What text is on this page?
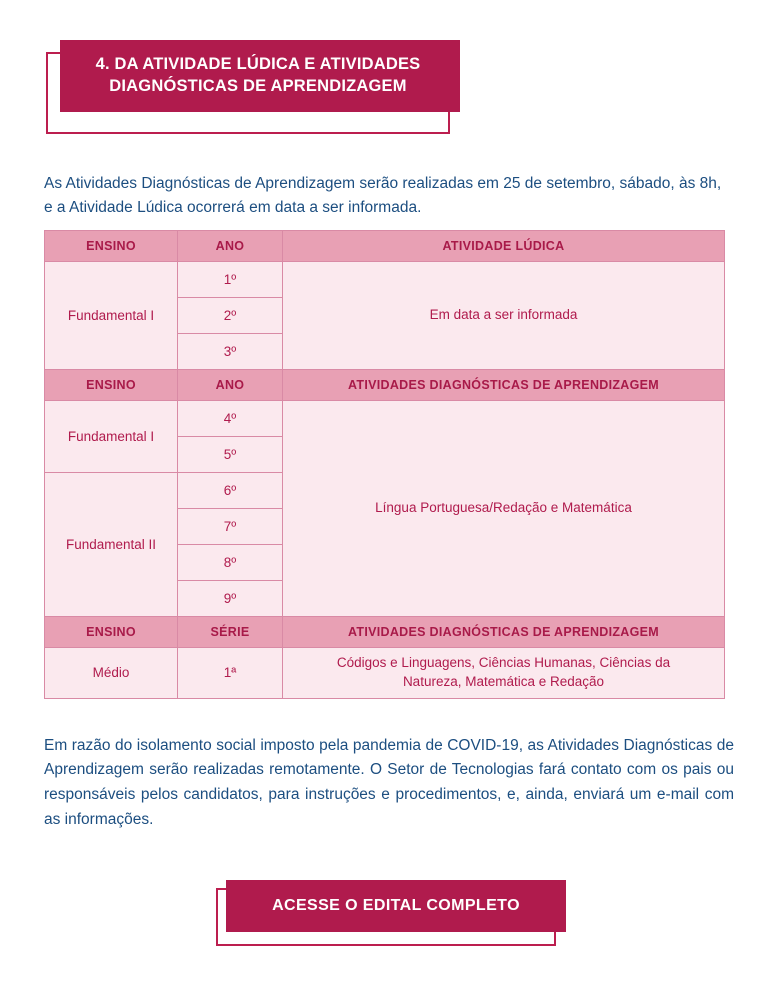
4. DA ATIVIDADE LÚDICA E ATIVIDADES
DIAGNÓSTICAS DE APRENDIZAGEM

As Atividades Diagnósticas de Aprendizagem serão realizadas em 25 de setembro, sábado, às 8h, e a Atividade Lúdica ocorrerá em data a ser informada.

ENSINO	ANO	ATIVIDADE LÚDICA
Fundamental I	1º	Em data a ser informada
	2º	
	3º	
ENSINO	ANO	ATIVIDADES DIAGNÓSTICAS DE APRENDIZAGEM
Fundamental I	4º	Língua Portuguesa/Redação e Matemática
	5º	
Fundamental II	6º	
	7º	
	8º	
	9º	
ENSINO	SÉRIE	ATIVIDADES DIAGNÓSTICAS DE APRENDIZAGEM
Médio	1ª	Códigos e Linguagens, Ciências Humanas, Ciências da Natureza, Matemática e Redação

Em razão do isolamento social imposto pela pandemia de COVID-19, as Atividades Diagnósticas de Aprendizagem serão realizadas remotamente. O Setor de Tecnologias fará contato com os pais ou responsáveis pelos candidatos, para instruções e procedimentos, e, ainda, enviará um e-mail com as informações.

ACESSE O EDITAL COMPLETO
